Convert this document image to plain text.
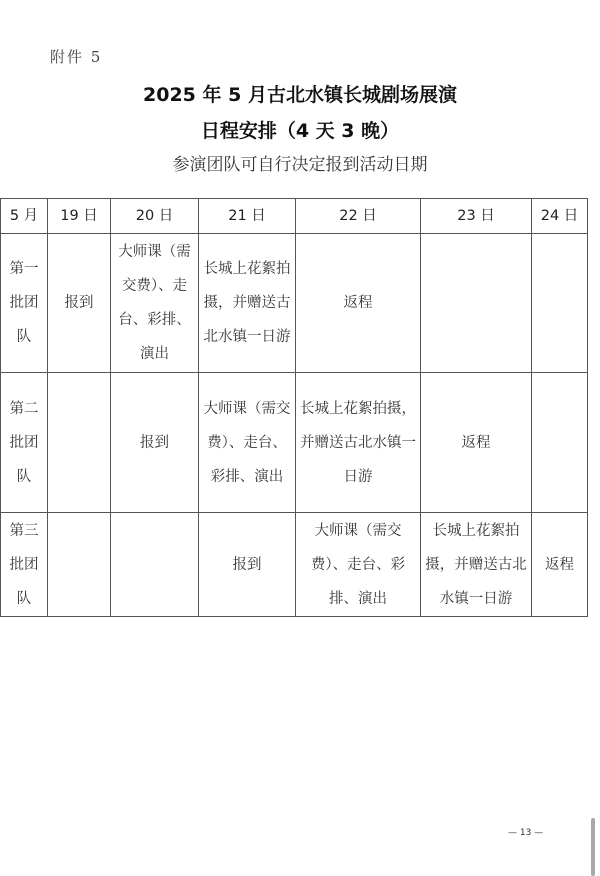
附件 5
2025 年 5 月古北水镇长城剧场展演
日程安排（4 天 3 晚）
参演团队可自行决定报到活动日期
5 月	19 日	20 日	21 日	22 日	23 日	24 日
第一批团队	报到	大师课（需交费）、走台、彩排、演出	长城上花絮拍摄，并赠送古北水镇一日游	返程		
第二批团队		报到	大师课（需交费）、走台、彩排、演出	长城上花絮拍摄，并赠送古北水镇一日游	返程	
第三批团队			报到	大师课（需交费）、走台、彩排、演出	长城上花絮拍摄，并赠送古北水镇一日游	返程
— 13 —
